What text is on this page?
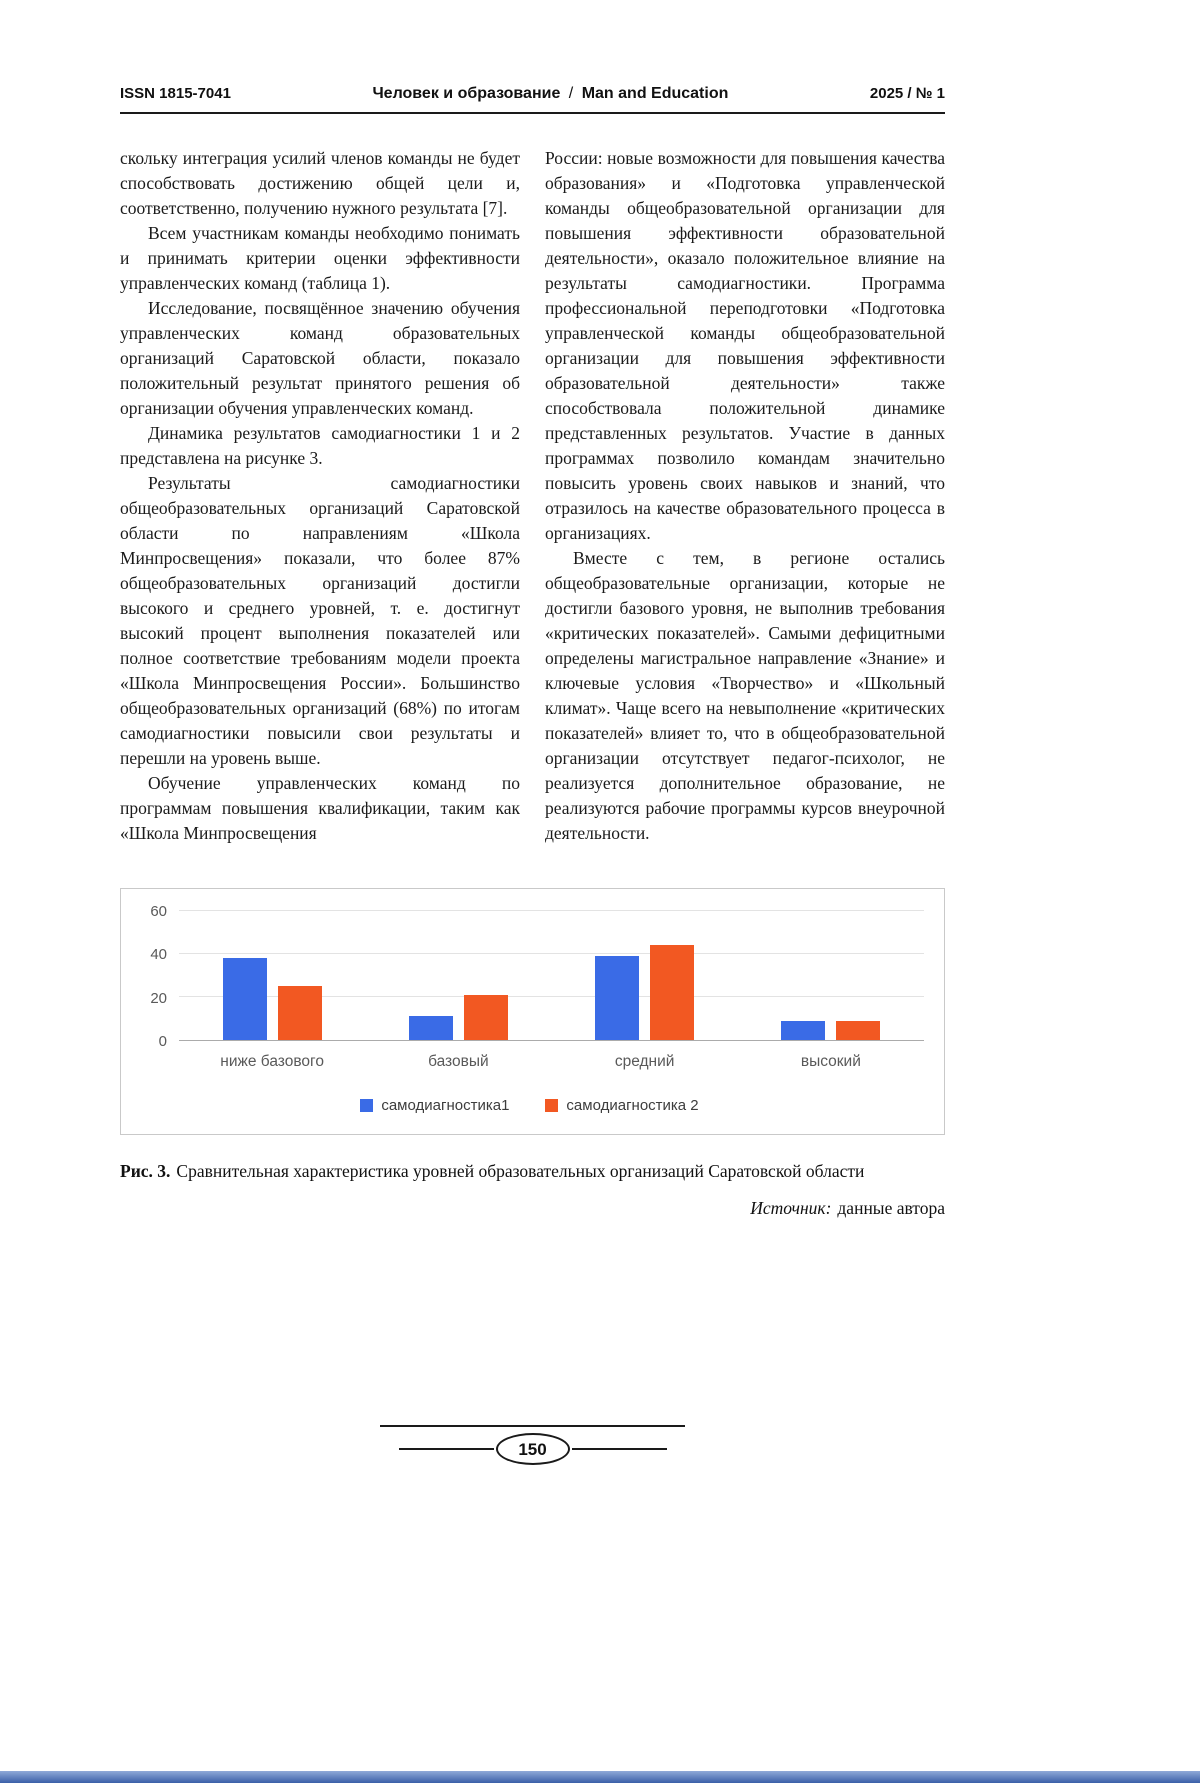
ISSN 1815-7041	Человек и образование / Man and Education	2025 / № 1

скольку интеграция усилий членов команды не будет способствовать достижению общей цели и, соответственно, получению нужного результата [7].

Всем участникам команды необходимо понимать и принимать критерии оценки эффективности управленческих команд (таблица 1).

Исследование, посвящённое значению обучения управленческих команд образовательных организаций Саратовской области, показало положительный результат принятого решения об организации обучения управленческих команд.

Динамика результатов самодиагностики 1 и 2 представлена на рисунке 3.

Результаты самодиагностики общеобразовательных организаций Саратовской области по направлениям «Школа Минпросвещения» показали, что более 87% общеобразовательных организаций достигли высокого и среднего уровней, т. е. достигнут высокий процент выполнения показателей или полное соответствие требованиям модели проекта «Школа Минпросвещения России». Большинство общеобразовательных организаций (68%) по итогам самодиагностики повысили свои результаты и перешли на уровень выше.

Обучение управленческих команд по программам повышения квалификации, таким как «Школа Минпросвещения

России: новые возможности для повышения качества образования» и «Подготовка управленческой команды общеобразовательной организации для повышения эффективности образовательной деятельности», оказало положительное влияние на результаты самодиагностики. Программа профессиональной переподготовки «Подготовка управленческой команды общеобразовательной организации для повышения эффективности образовательной деятельности» также способствовала положительной динамике представленных результатов. Участие в данных программах позволило командам значительно повысить уровень своих навыков и знаний, что отразилось на качестве образовательного процесса в организациях.

Вместе с тем, в регионе остались общеобразовательные организации, которые не достигли базового уровня, не выполнив требования «критических показателей». Самыми дефицитными определены магистральное направление «Знание» и ключевые условия «Творчество» и «Школьный климат». Чаще всего на невыполнение «критических показателей» влияет то, что в общеобразовательной организации отсутствует педагог-психолог, не реализуется дополнительное образование, не реализуются рабочие программы курсов внеурочной деятельности.

0
20
40
60
ниже базового	базовый	средний	высокий
самодиагностика1	самодиагностика 2
Рис. 3. Сравнительная характеристика уровней образовательных организаций Саратовской области
Источник: данные автора
150
